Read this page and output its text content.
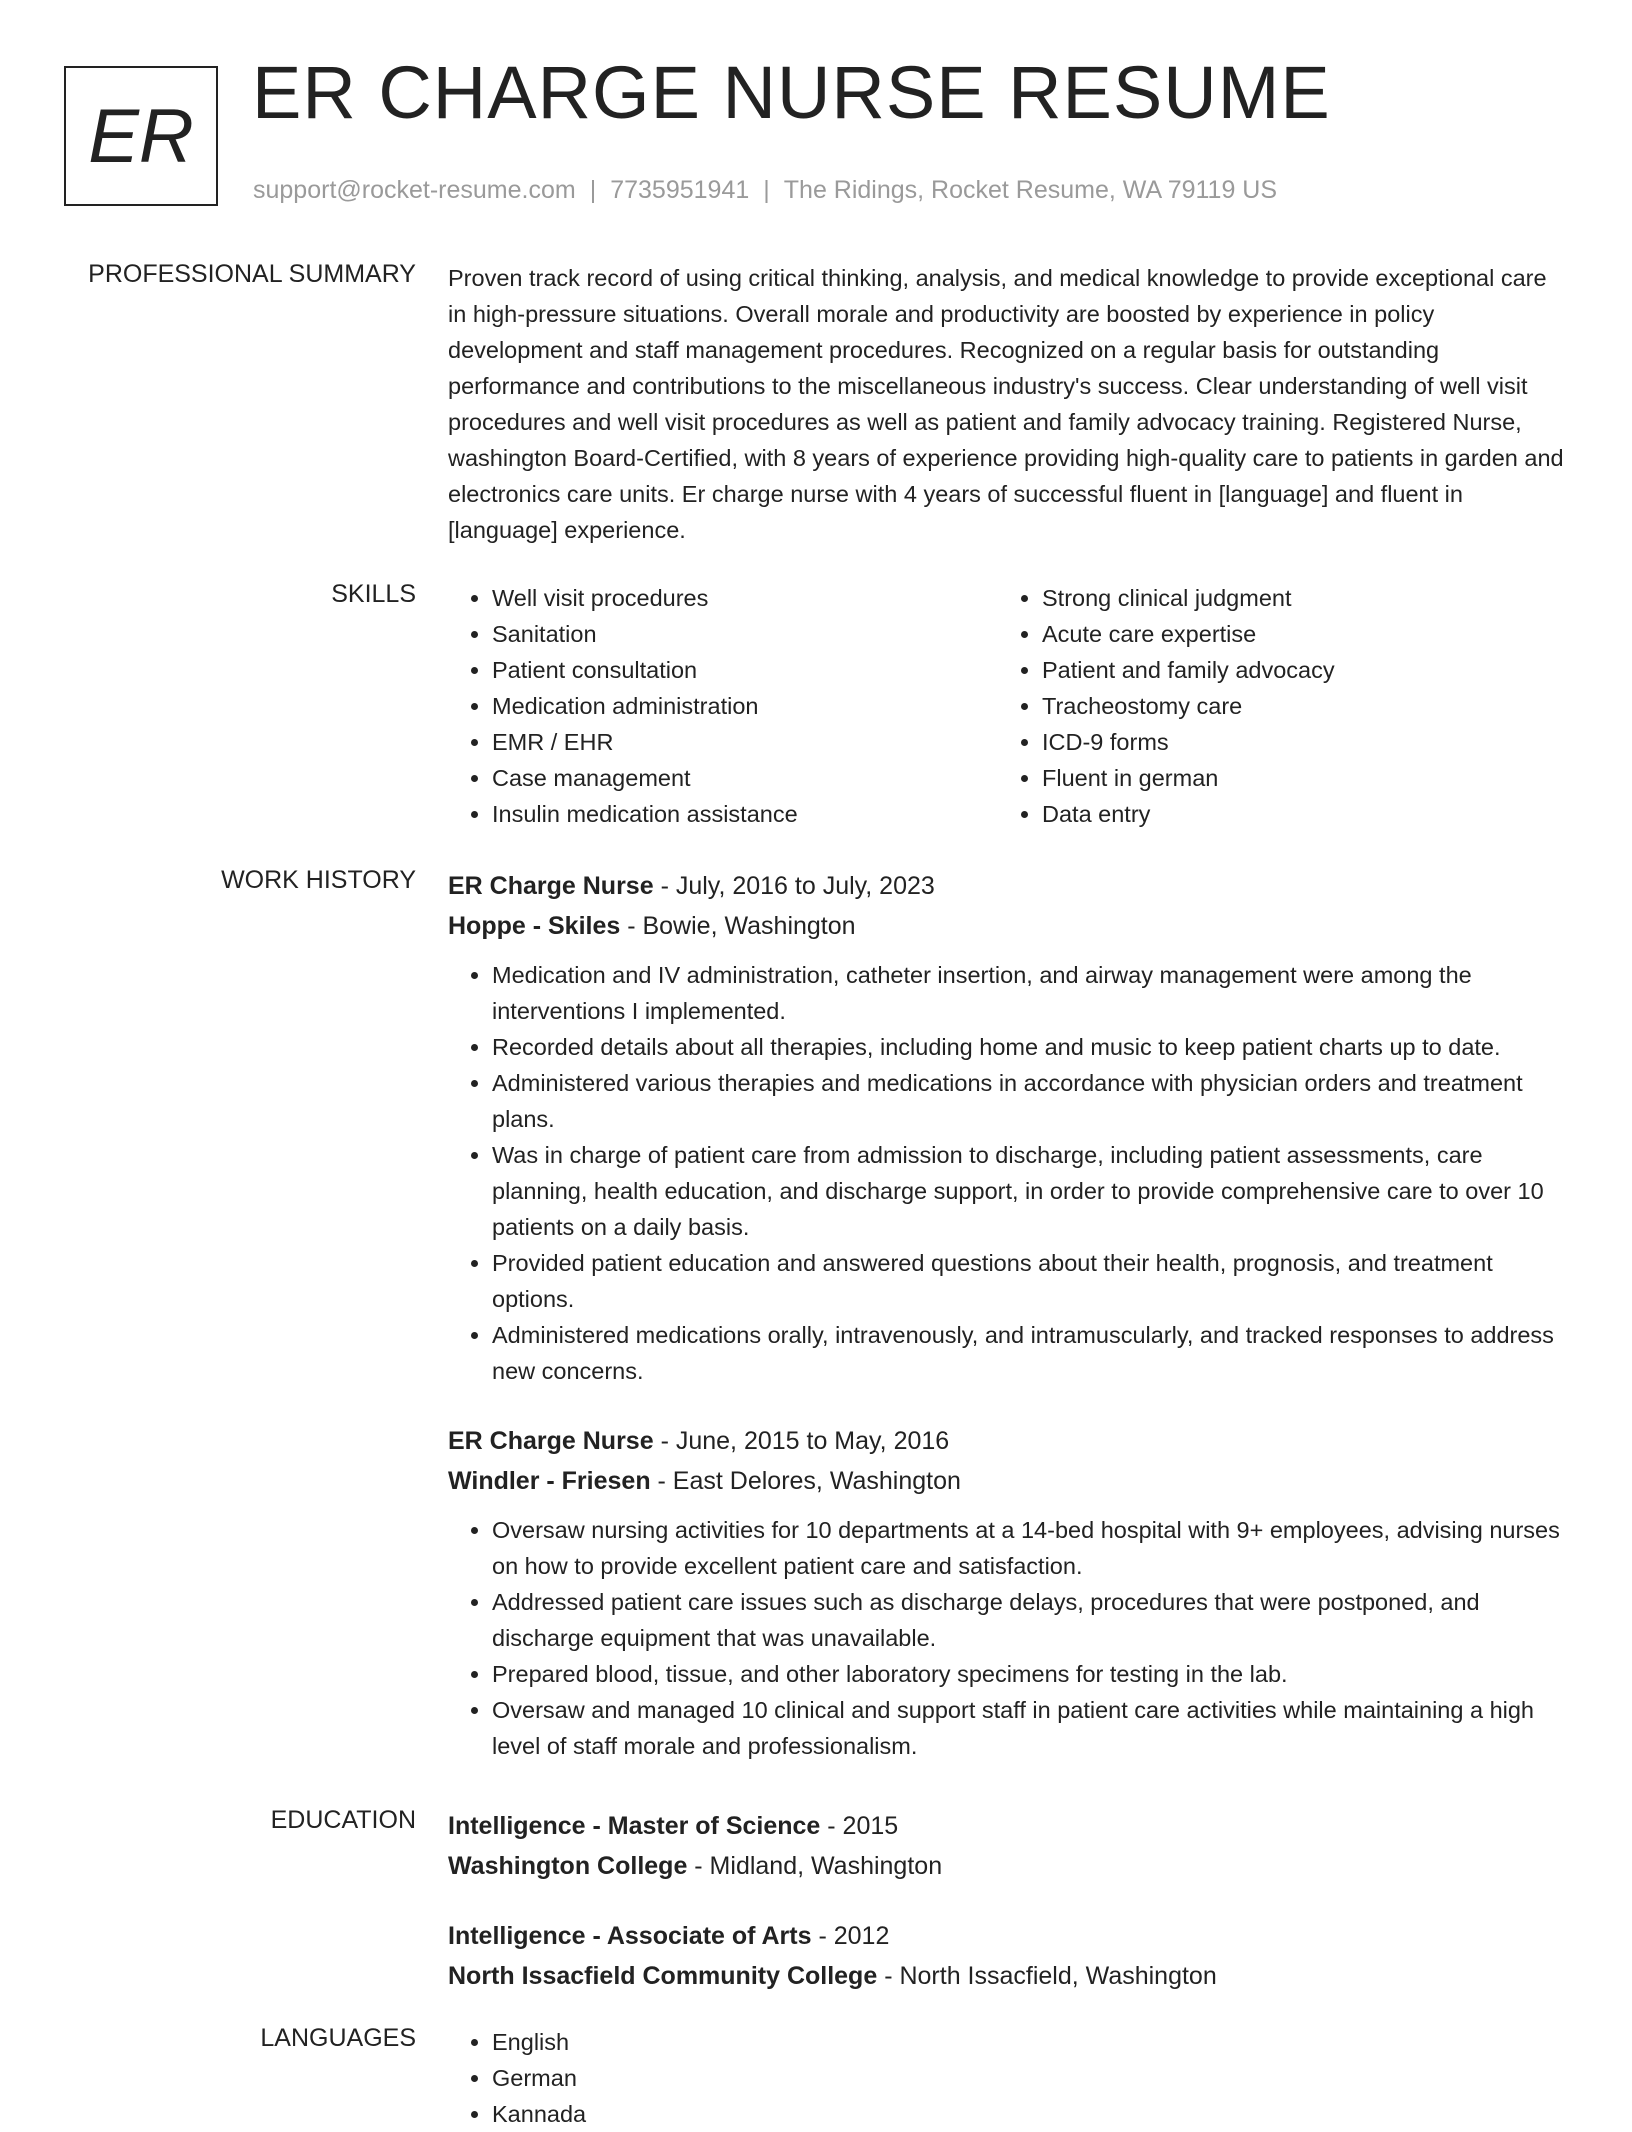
ER
ER CHARGE NURSE RESUME
support@rocket-resume.com | 7735951941 | The Ridings, Rocket Resume, WA 79119 US
PROFESSIONAL SUMMARY Proven track record of using critical thinking, analysis, and medical knowledge to provide exceptional care in high-pressure situations. Overall morale and productivity are boosted by experience in policy development and staff management procedures. Recognized on a regular basis for outstanding performance and contributions to the miscellaneous industry's success. Clear understanding of well visit procedures and well visit procedures as well as patient and family advocacy training. Registered Nurse, washington Board-Certified, with 8 years of experience providing high-quality care to patients in garden and electronics care units. Er charge nurse with 4 years of successful fluent in [language] and fluent in [language] experience.

SKILLS	• Well visit procedures
• Sanitation
• Patient consultation
• Medication administration
• EMR / EHR
• Case management
• Insulin medication assistance
• Strong clinical judgment
• Acute care expertise
• Patient and family advocacy
• Tracheostomy care
• ICD-9 forms
• Fluent in german
• Data entry
WORK HISTORY ER Charge Nurse - July, 2016 to July, 2023
Hoppe - Skiles - Bowie, Washington
• Medication and IV administration, catheter insertion, and airway management were among the interventions I implemented.
• Recorded details about all therapies, including home and music to keep patient charts up to date.
• Administered various therapies and medications in accordance with physician orders and treatment plans.
• Was in charge of patient care from admission to discharge, including patient assessments, care planning, health education, and discharge support, in order to provide comprehensive care to over 10 patients on a daily basis.
• Provided patient education and answered questions about their health, prognosis, and treatment options.
• Administered medications orally, intravenously, and intramuscularly, and tracked responses to address new concerns.
ER Charge Nurse - June, 2015 to May, 2016
Windler - Friesen - East Delores, Washington
• Oversaw nursing activities for 10 departments at a 14-bed hospital with 9+ employees, advising nurses on how to provide excellent patient care and satisfaction.
• Addressed patient care issues such as discharge delays, procedures that were postponed, and discharge equipment that was unavailable.
• Prepared blood, tissue, and other laboratory specimens for testing in the lab.
• Oversaw and managed 10 clinical and support staff in patient care activities while maintaining a high level of staff morale and professionalism.
EDUCATION Intelligence - Master of Science - 2015
Washington College - Midland, Washington
Intelligence - Associate of Arts - 2012
North Issacfield Community College - North Issacfield, Washington
LANGUAGES	• English
• German
• Kannada
